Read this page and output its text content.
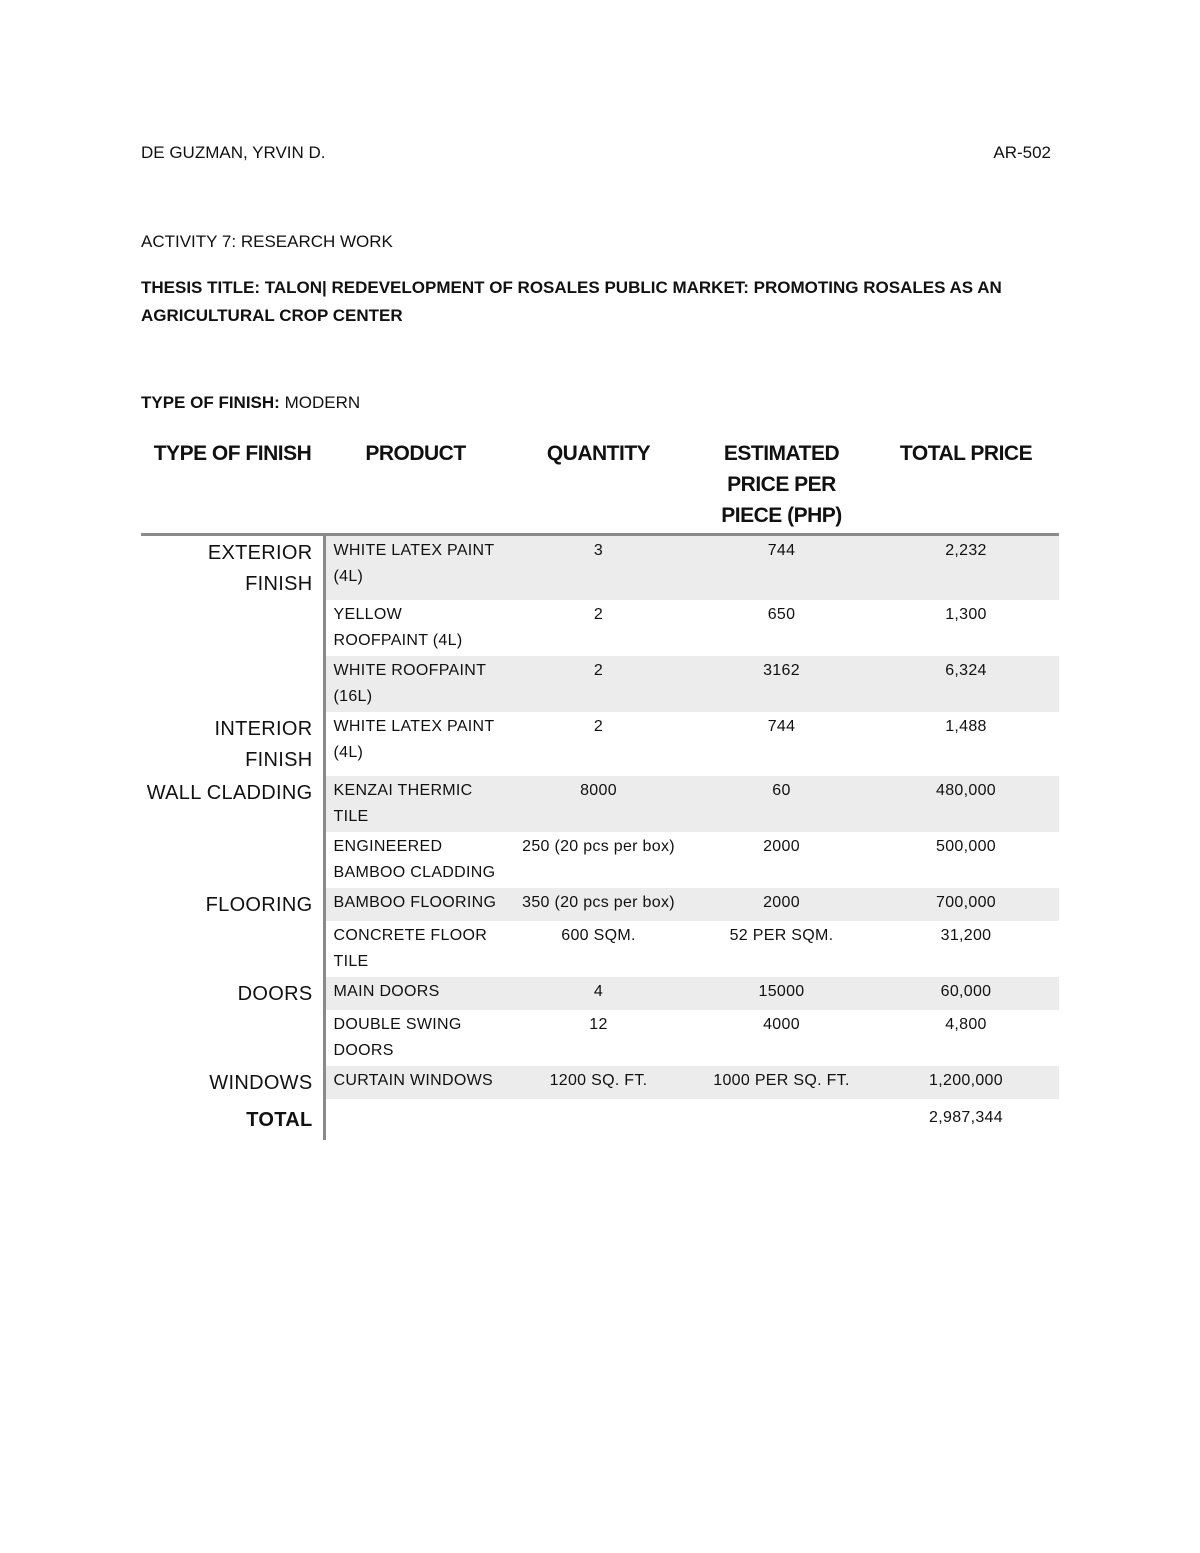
DE GUZMAN, YRVIN D.	AR-502
ACTIVITY 7: RESEARCH WORK
THESIS TITLE: TALON| REDEVELOPMENT OF ROSALES PUBLIC MARKET: PROMOTING ROSALES AS AN AGRICULTURAL CROP CENTER
TYPE OF FINISH: MODERN
TYPE OF FINISH	PRODUCT	QUANTITY	ESTIMATED PRICE PER PIECE (PHP)	TOTAL PRICE
EXTERIOR FINISH	WHITE LATEX PAINT (4L)	3	744	2,232
	YELLOW ROOFPAINT (4L)	2	650	1,300
	WHITE ROOFPAINT (16L)	2	3162	6,324
INTERIOR FINISH	WHITE LATEX PAINT (4L)	2	744	1,488
WALL CLADDING	KENZAI THERMIC TILE	8000	60	480,000
	ENGINEERED BAMBOO CLADDING	250 (20 pcs per box)	2000	500,000
FLOORING	BAMBOO FLOORING	350 (20 pcs per box)	2000	700,000
	CONCRETE FLOOR TILE	600 SQM.	52 PER SQM.	31,200
DOORS	MAIN DOORS	4	15000	60,000
	DOUBLE SWING DOORS	12	4000	4,800
WINDOWS	CURTAIN WINDOWS	1200 SQ. FT.	1000 PER SQ. FT.	1,200,000
TOTAL				2,987,344
